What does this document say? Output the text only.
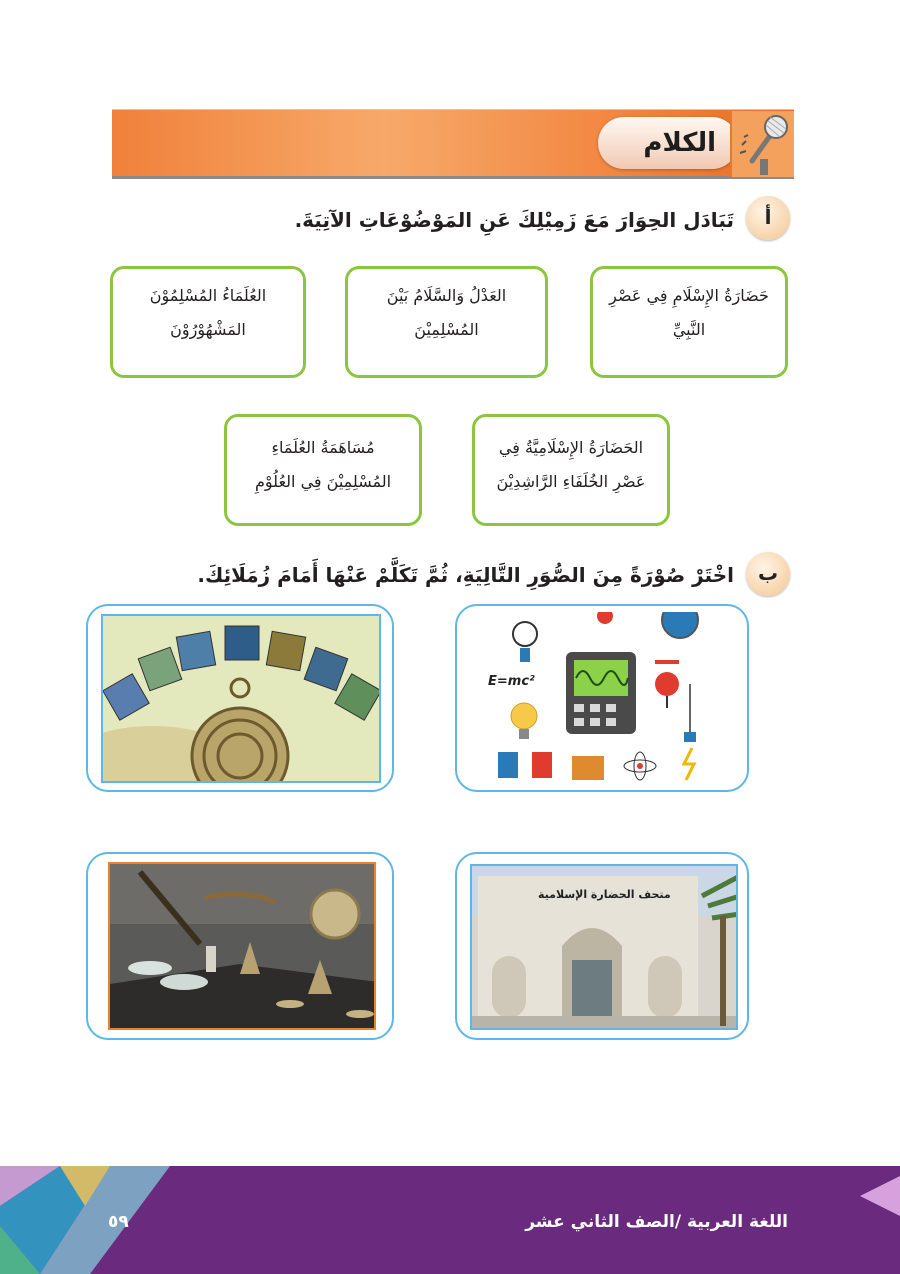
الكلام
أ
تَبَادَل الحِوَارَ مَعَ زَمِيْلِكَ عَنِ المَوْضُوْعَاتِ الآتِيَةَ.
حَضَارَةُ الإِسْلَامِ فِي عَصْرِ
النَّبِيِّ
العَدْلُ وَالسَّلَامُ بَيْنَ
المُسْلِمِيْنَ
العُلَمَاءُ المُسْلِمُوْنَ
المَشْهُوْرُوْنَ
الحَضَارَةُ الإِسْلَامِيَّةُ فِي
عَصْرِ الخُلَفَاءِ الرَّاشِدِيْنَ
مُسَاهَمَةُ العُلَمَاءِ
المُسْلِمِيْنَ فِي العُلُوْمِ
ب
اخْتَرْ صُوْرَةً مِنَ الصُّوَرِ التَّالِيَةِ، ثُمَّ تَكَلَّمْ عَنْهَا أَمَامَ زُمَلَائِكَ.
E=mc²
متحف الحضارة الإسلامية
اللغة العربية /الصف الثاني عشر
٥٩
